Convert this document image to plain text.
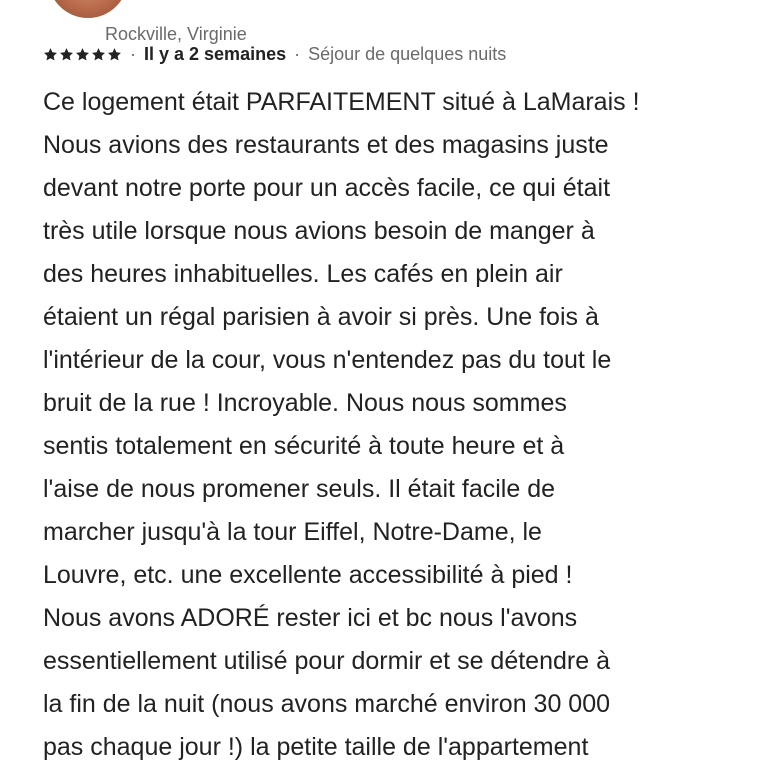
Rockville, Virginie
· Il y a 2 semaines · Séjour de quelques nuits

Ce logement était PARFAITEMENT situé à LaMarais !
Nous avions des restaurants et des magasins juste
devant notre porte pour un accès facile, ce qui était
très utile lorsque nous avions besoin de manger à
des heures inhabituelles. Les cafés en plein air
étaient un régal parisien à avoir si près. Une fois à
l'intérieur de la cour, vous n'entendez pas du tout le
bruit de la rue ! Incroyable. Nous nous sommes
sentis totalement en sécurité à toute heure et à
l'aise de nous promener seuls. Il était facile de
marcher jusqu'à la tour Eiffel, Notre-Dame, le
Louvre, etc. une excellente accessibilité à pied !
Nous avons ADORÉ rester ici et bc nous l'avons
essentiellement utilisé pour dormir et se détendre à
la fin de la nuit (nous avons marché environ 30 000
pas chaque jour !) la petite taille de l'appartement
